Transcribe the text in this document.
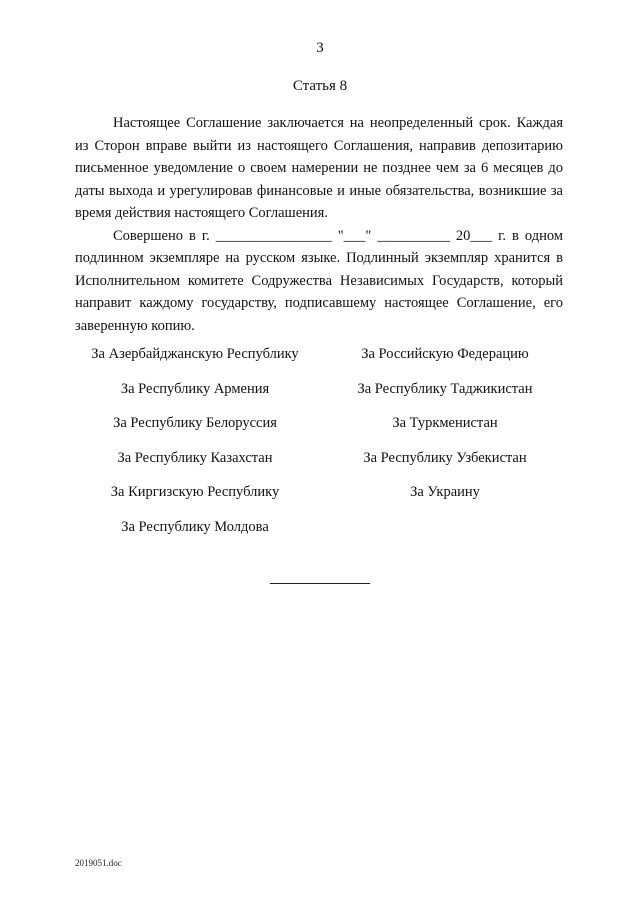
3
Статья 8

Настоящее Соглашение заключается на неопределенный срок. Каждая из Сторон вправе выйти из настоящего Соглашения, направив депозитарию письменное уведомление о своем намерении не позднее чем за 6 месяцев до даты выхода и урегулировав финансовые и иные обязательства, возникшие за время действия настоящего Соглашения.

Совершено в г. ________________ "___" __________ 20___ г. в одном подлинном экземпляре на русском языке. Подлинный экземпляр хранится в Исполнительном комитете Содружества Независимых Государств, который направит каждому государству, подписавшему настоящее Соглашение, его заверенную копию.

За Азербайджанскую Республику
За Республику Армения
За Республику Белоруссия
За Республику Казахстан
За Киргизскую Республику
За Республику Молдова
За Российскую Федерацию
За Республику Таджикистан
За Туркменистан
За Республику Узбекистан
За Украину
2019051.doc
